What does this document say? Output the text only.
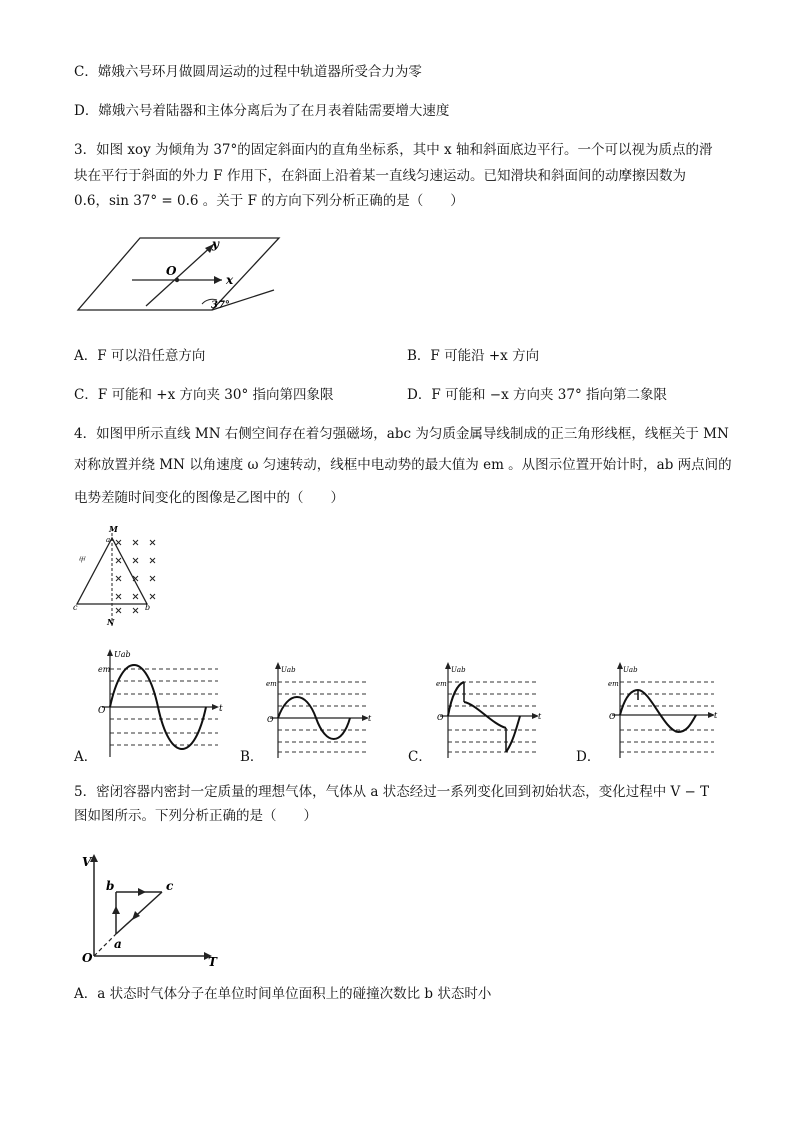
C．嫦娥六号环月做圆周运动的过程中轨道器所受合力为零
D．嫦娥六号着陆器和主体分离后为了在月表着陆需要增大速度
3．如图 xoy 为倾角为 37°的固定斜面内的直角坐标系，其中 x 轴和斜面底边平行。一个可以视为质点的滑
块在平行于斜面的外力 F 作用下，在斜面上沿着某一直线匀速运动。已知滑块和斜面间的动摩擦因数为
0.6，sin 37° = 0.6 。关于 F 的方向下列分析正确的是（　　）
O
x
y
37°
A．F 可以沿任意方向	B．F 可能沿 +x 方向
C．F 可能和 +x 方向夹 30° 指向第四象限	D．F 可能和 −x 方向夹 37° 指向第二象限
4．如图甲所示直线 MN 右侧空间存在着匀强磁场，abc 为匀质金属导线制成的正三角形线框，线框关于 MN
对称放置并绕 MN 以角速度 ω 匀速转动，线框中电动势的最大值为 em 。从图示位置开始计时，ab 两点间的
电势差随时间变化的图像是乙图中的（　　）
M
a
甲
c	b
N
Uab
em
O	t
A．
Uab
em
O	t
B．
Uab
em
O	t
C．
Uab
em
O	t
D．
5．密闭容器内密封一定质量的理想气体，气体从 a 状态经过一系列变化回到初始状态，变化过程中 V − T
图如图所示。下列分析正确的是（　　）
V
T
O
a
b	c
A．a 状态时气体分子在单位时间单位面积上的碰撞次数比 b 状态时小
